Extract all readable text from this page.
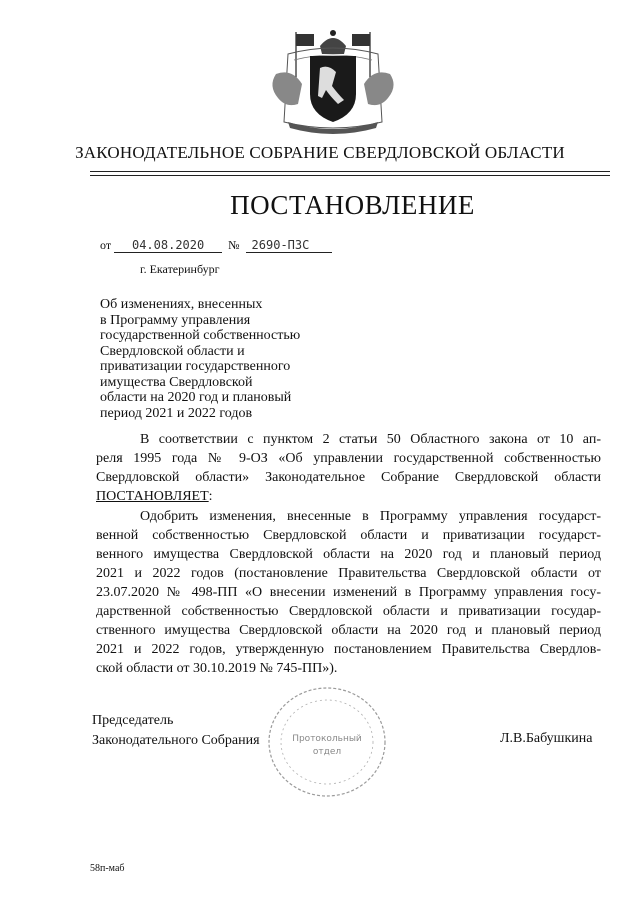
ЗАКОНОДАТЕЛЬНОЕ СОБРАНИЕ СВЕРДЛОВСКОЙ ОБЛАСТИ
ПОСТАНОВЛЕНИЕ
от 04.08.2020 № 2690-ПЗС
г. Екатеринбург
Об изменениях, внесенных
в Программу управления
государственной собственностью
Свердловской области и
приватизации государственного
имущества Свердловской
области на 2020 год и плановый
период 2021 и 2022 годов
В соответствии с пунктом 2 статьи 50 Областного закона от 10 ап-
реля 1995 года № 9-ОЗ «Об управлении государственной собственностью
Свердловской области» Законодательное Собрание Свердловской области
ПОСТАНОВЛЯЕТ:
Одобрить изменения, внесенные в Программу управления государст-
венной собственностью Свердловской области и приватизации государст-
венного имущества Свердловской области на 2020 год и плановый период
2021 и 2022 годов (постановление Правительства Свердловской области от
23.07.2020 № 498-ПП «О внесении изменений в Программу управления госу-
дарственной собственностью Свердловской области и приватизации государ-
ственного имущества Свердловской области на 2020 год и плановый период
2021 и 2022 годов, утвержденную постановлением Правительства Свердлов-
ской области от 30.10.2019 № 745-ПП»).
Протокольный
отдел
Председатель
Законодательного Собрания	Л.В.Бабушкина
58п-маб
